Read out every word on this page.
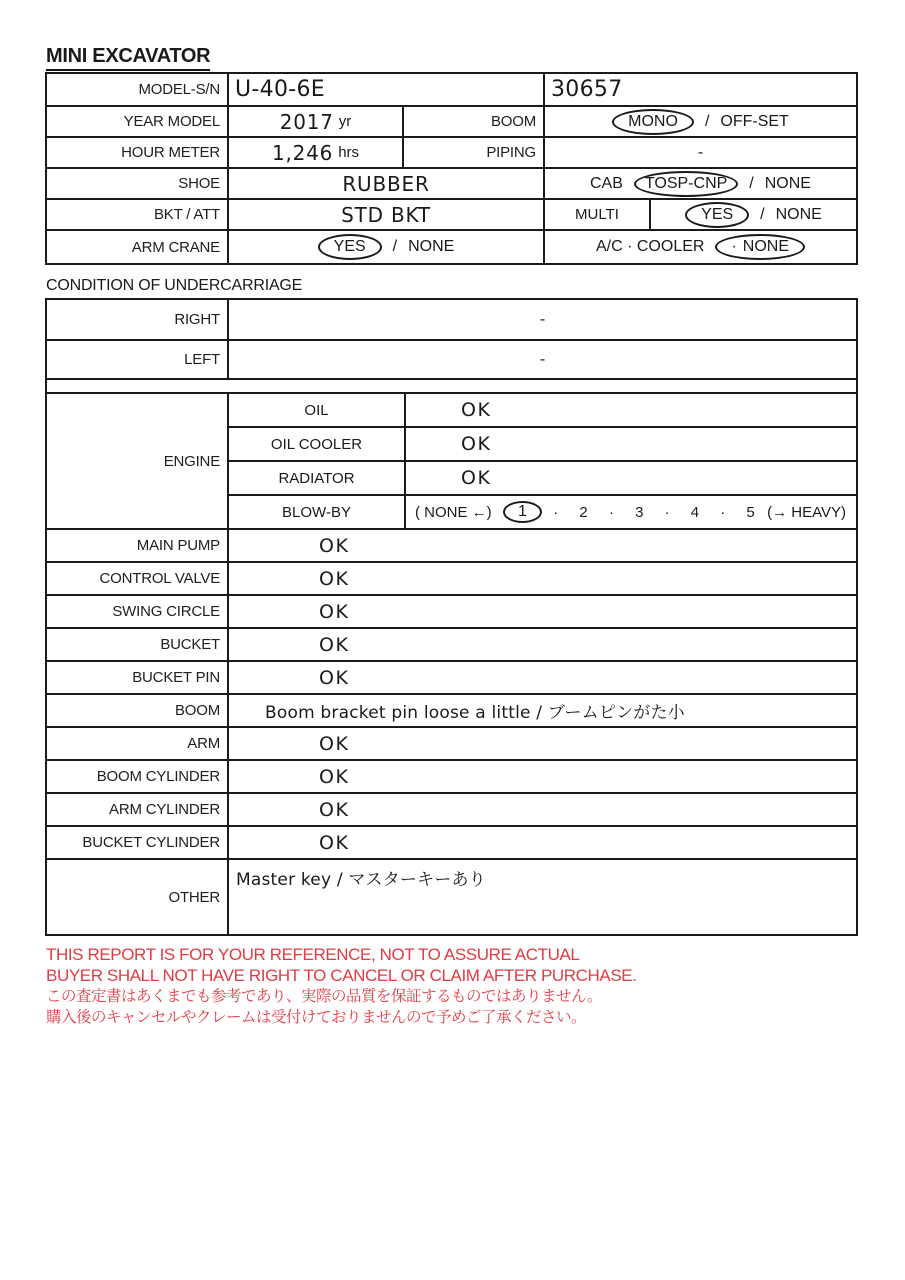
MINI EXCAVATOR
MODEL-S/N U-40-6E	30657
YEAR MODEL	2017 yr	BOOM	MONO / OFF-SET
HOUR METER	1,246 hrs	PIPING	-
SHOE	RUBBER	CAB TOSP-CNP / NONE
BKT / ATT	STD BKT	MULTI	YES / NONE
ARM CRANE	YES / NONE	A/C · COOLER · NONE
CONDITION OF UNDERCARRIAGE
RIGHT	-
LEFT	-
ENGINE
OIL	OK
OIL COOLER	OK
RADIATOR	OK
BLOW-BY	( NONE ←) 1 · 2 · 3 · 4 · 5 (→ HEAVY)
MAIN PUMP	OK
CONTROL VALVE	OK
SWING CIRCLE	OK
BUCKET	OK
BUCKET PIN	OK
BOOM	Boom bracket pin loose a little / ブームピンがた小
ARM	OK
BOOM CYLINDER	OK
ARM CYLINDER	OK
BUCKET CYLINDER	OK
OTHER
Master key / マスターキーあり
THIS REPORT IS FOR YOUR REFERENCE, NOT TO ASSURE ACTUAL
BUYER SHALL NOT HAVE RIGHT TO CANCEL OR CLAIM AFTER PURCHASE.
この査定書はあくまでも参考であり、実際の品質を保証するものではありません。
購入後のキャンセルやクレームは受付けておりませんので予めご了承ください。
